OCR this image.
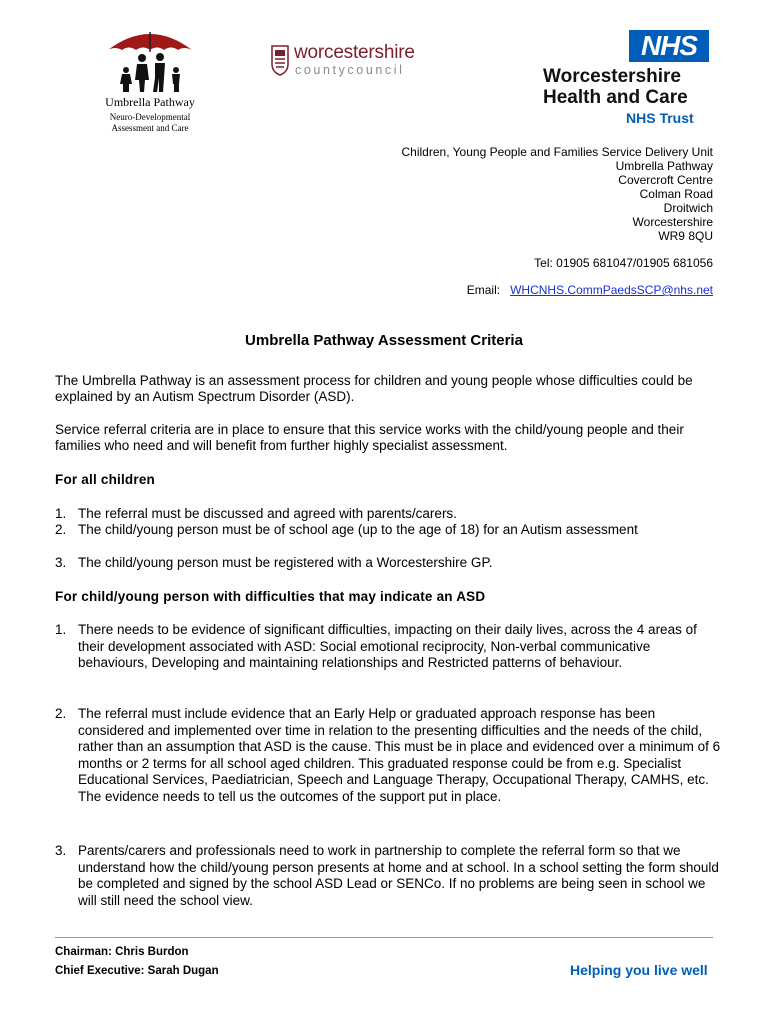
Umbrella Pathway
Neuro-Developmental
Assessment and Care
worcestershire
countycouncil
NHS
Worcestershire
Health and Care
NHS Trust
Children, Young People and Families Service Delivery Unit
Umbrella Pathway
Covercroft Centre
Colman Road
Droitwich
Worcestershire
WR9 8QU
Tel: 01905 681047/01905 681056
Email: WHCNHS.CommPaedsSCP@nhs.net
Umbrella Pathway Assessment Criteria
The Umbrella Pathway is an assessment process for children and young people whose difficulties could be explained by an Autism Spectrum Disorder (ASD).
Service referral criteria are in place to ensure that this service works with the child/young people and their families who need and will benefit from further highly specialist assessment.
For all children
1. The referral must be discussed and agreed with parents/carers.
2. The child/young person must be of school age (up to the age of 18) for an Autism assessment
3. The child/young person must be registered with a Worcestershire GP.
For child/young person with difficulties that may indicate an ASD
1. There needs to be evidence of significant difficulties, impacting on their daily lives, across the 4 areas of their development associated with ASD: Social emotional reciprocity, Non-verbal communicative behaviours, Developing and maintaining relationships and Restricted patterns of behaviour.
2. The referral must include evidence that an Early Help or graduated approach response has been considered and implemented over time in relation to the presenting difficulties and the needs of the child, rather than an assumption that ASD is the cause. This must be in place and evidenced over a minimum of 6 months or 2 terms for all school aged children. This graduated response could be from e.g. Specialist Educational Services, Paediatrician, Speech and Language Therapy, Occupational Therapy, CAMHS, etc. The evidence needs to tell us the outcomes of the support put in place.
3. Parents/carers and professionals need to work in partnership to complete the referral form so that we understand how the child/young person presents at home and at school. In a school setting the form should be completed and signed by the school ASD Lead or SENCo. If no problems are being seen in school we will still need the school view.
Chairman: Chris Burdon
Chief Executive: Sarah Dugan	Helping you live well
